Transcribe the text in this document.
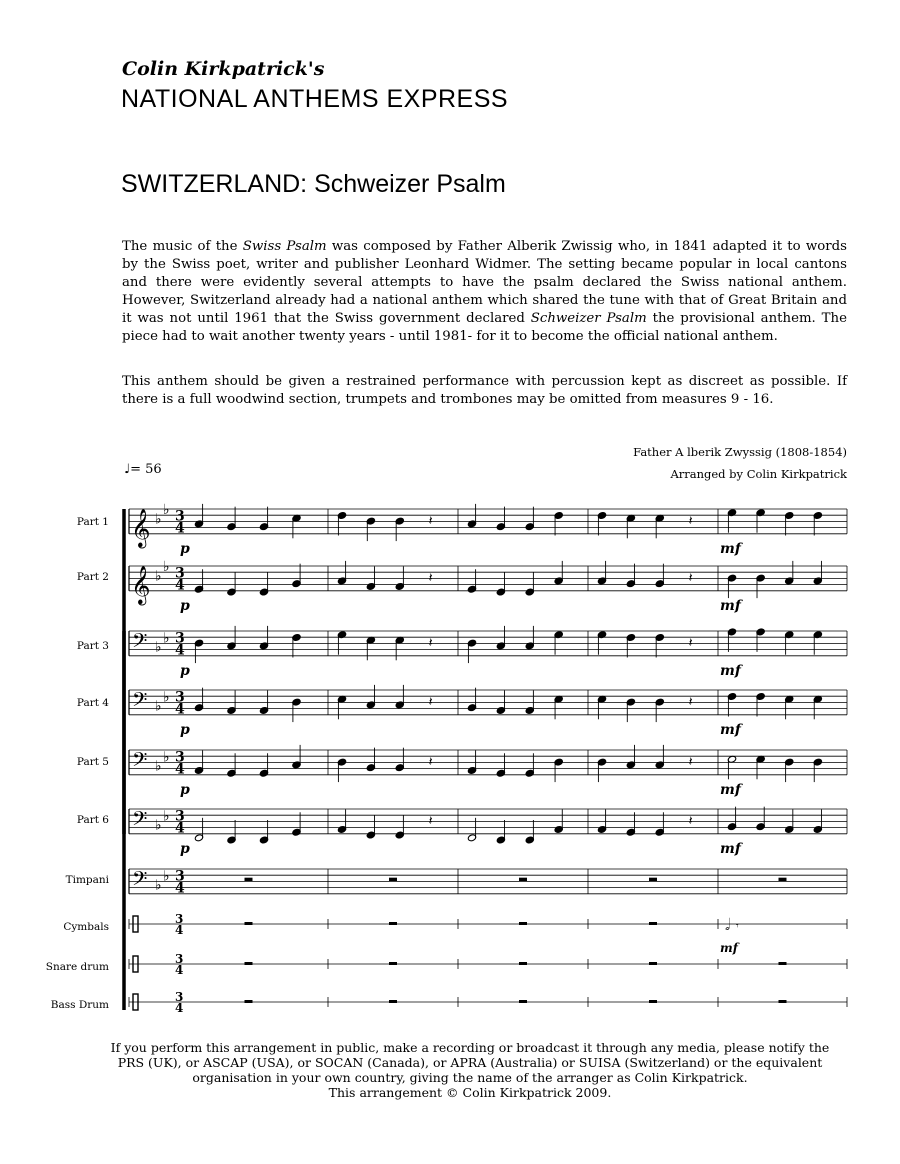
Colin Kirkpatrick's
NATIONAL ANTHEMS EXPRESS
SWITZERLAND: Schweizer Psalm

The music of the Swiss Psalm was composed by Father Alberik Zwissig who, in 1841 adapted it to words by the Swiss poet, writer and publisher Leonhard Widmer. The setting became popular in local cantons and there were evidently several attempts to have the psalm declared the Swiss national anthem. However, Switzerland already had a national anthem which shared the tune with that of Great Britain and it was not until 1961 that the Swiss government declared Schweizer Psalm the provisional anthem. The piece had to wait another twenty years - until 1981- for it to become the official national anthem.

This anthem should be given a restrained performance with percussion kept as discreet as possible. If there is a full woodwind section, trumpets and trombones may be omitted from measures 9 - 16.

Father A lberik Zwyssig (1808-1854)
Arranged by Colin Kirkpatrick
♩= 56
Part 1
Part 2
Part 3
Part 4
Part 5
Part 6
Timpani
Cymbals
Snare drum
Bass Drum
𝄞 ♭
♭ 3
4
𝄞 ♭
♭ 3
4
𝄢 ♭
♭ 3
4
𝄢 ♭
♭ 3
4
𝄢 ♭
♭ 3
4
𝄢 ♭
♭ 3
4
𝄢 ♭
♭ 3
4
3
4
3
4
3
4
𝅗𝅥 𝄾
𝄽	𝄽
𝄽	𝄽
𝄽	𝄽
𝄽	𝄽
𝄽	𝄽
𝄽	𝄽
p	mf
p	mf
p	mf
p	mf
p	mf
p	mf
mf
If you perform this arrangement in public, make a recording or broadcast it through any media, please notify the
PRS (UK), or ASCAP (USA), or SOCAN (Canada), or APRA (Australia) or SUISA (Switzerland) or the equivalent
organisation in your own country, giving the name of the arranger as Colin Kirkpatrick.
This arrangement © Colin Kirkpatrick 2009.
